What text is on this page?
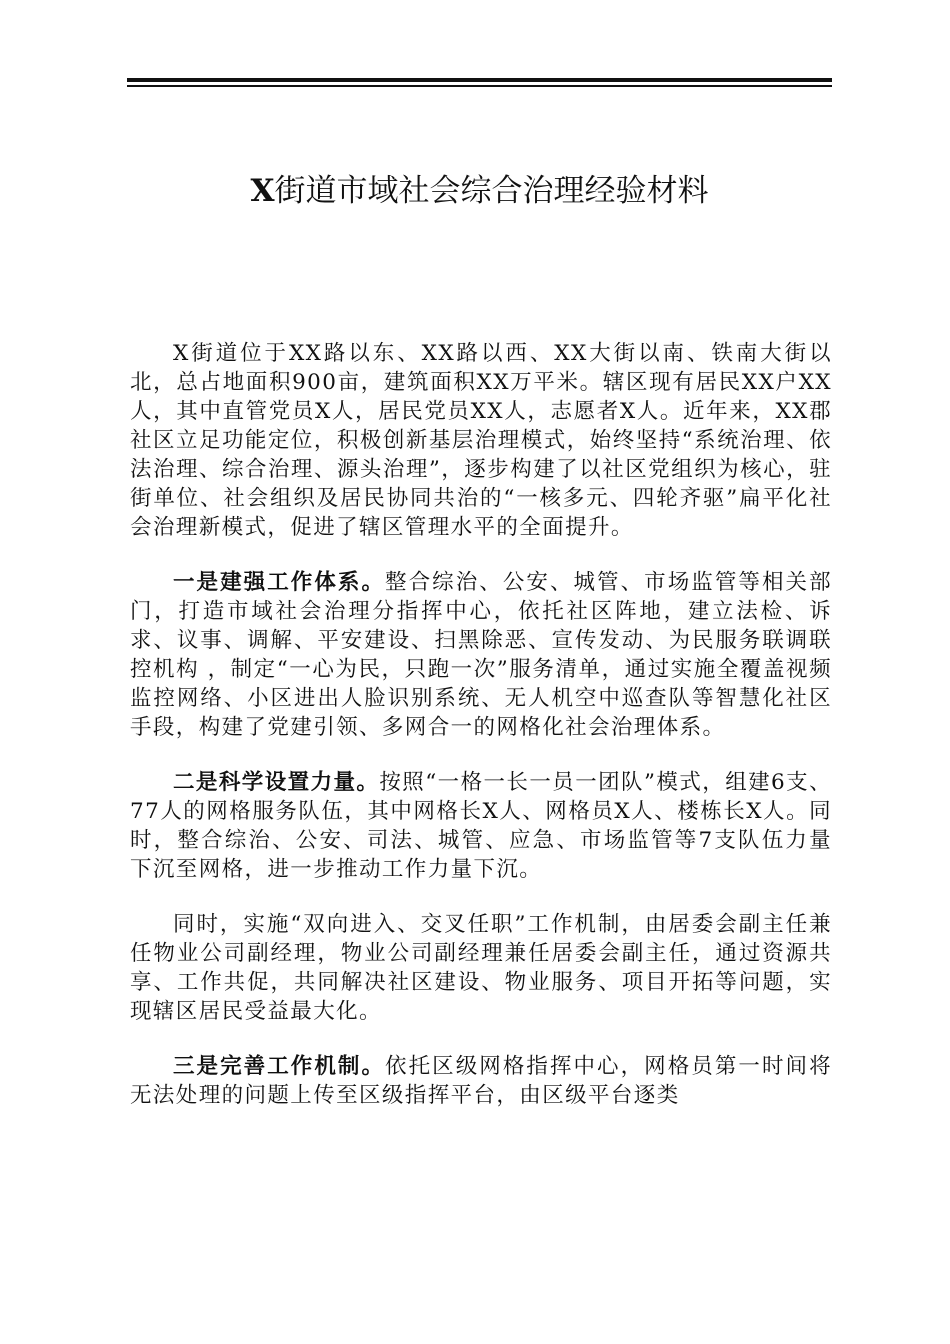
X街道市域社会综合治理经验材料

X街道位于XX路以东、XX路以西、XX大街以南、铁南大街以北，总占地面积900亩，建筑面积XX万平米。辖区现有居民XX户XX人，其中直管党员X人，居民党员XX人，志愿者X人。近年来，XX郡社区立足功能定位，积极创新基层治理模式，始终坚持“系统治理、依法治理、综合治理、源头治理”，逐步构建了以社区党组织为核心，驻街单位、社会组织及居民协同共治的“一核多元、四轮齐驱”扁平化社会治理新模式，促进了辖区管理水平的全面提升。

一是建强工作体系。整合综治、公安、城管、市场监管等相关部门，打造市域社会治理分指挥中心，依托社区阵地，建立法检、诉求、议事、调解、平安建设、扫黑除恶、宣传发动、为民服务联调联控机构 ，制定“一心为民，只跑一次”服务清单，通过实施全覆盖视频监控网络、小区进出人脸识别系统、无人机空中巡查队等智慧化社区手段，构建了党建引领、多网合一的网格化社会治理体系。

二是科学设置力量。按照“一格一长一员一团队”模式，组建6支、77人的网格服务队伍，其中网格长X人、网格员X人、楼栋长X人。同时，整合综治、公安、司法、城管、应急、市场监管等7支队伍力量下沉至网格，进一步推动工作力量下沉。

同时，实施“双向进入、交叉任职”工作机制，由居委会副主任兼任物业公司副经理，物业公司副经理兼任居委会副主任，通过资源共享、工作共促，共同解决社区建设、物业服务、项目开拓等问题，实现辖区居民受益最大化。

三是完善工作机制。依托区级网格指挥中心，网格员第一时间将无法处理的问题上传至区级指挥平台，由区级平台逐类
